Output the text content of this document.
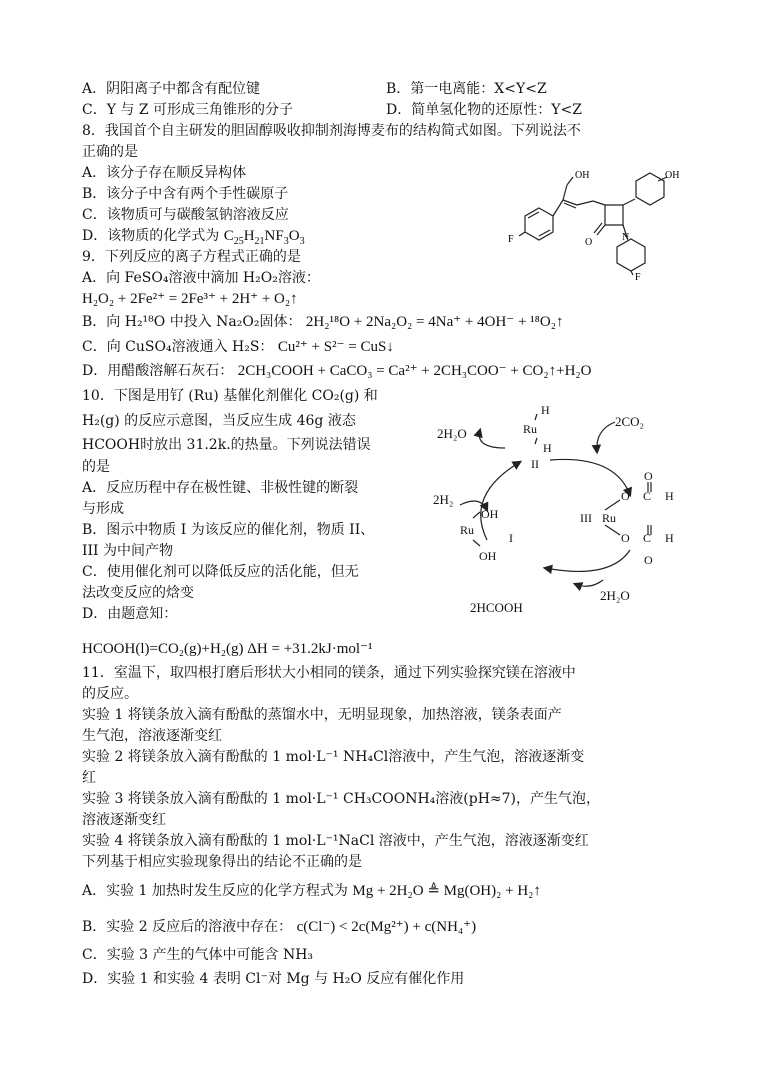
A．阴阳离子中都含有配位键	B．第一电离能：X<Y<Z
C．Y 与 Z 可形成三角锥形的分子	D．简单氢化物的还原性：Y<Z
8．我国首个自主研发的胆固醇吸收抑制剂海博麦布的结构简式如图。下列说法不
正确的是
A．该分子存在顺反异构体
B．该分子中含有两个手性碳原子
C．该物质可与碳酸氢钠溶液反应
D．该物质的化学式为 $C_{25}H_{21}NF_3O_3$
OH	OH
F
F
O	N
9．下列反应的离子方程式正确的是
A．向 FeSO₄溶液中滴加 H₂O₂溶液：
H₂O₂ + 2Fe²⁺ = 2Fe³⁺ + 2H⁺ + O₂↑
B．向 H₂¹⁸O 中投入 Na₂O₂固体： 2H₂¹⁸O + 2Na₂O₂ = 4Na⁺ + 4OH⁻ + ¹⁸O₂↑
C．向 CuSO₄溶液通入 H₂S： Cu²⁺ + S²⁻ = CuS↓
D．用醋酸溶解石灰石： 2CH₃COOH + CaCO₃ = Ca²⁺ + 2CH₃COO⁻ + CO₂↑+H₂O
10．下图是用钌 (Ru) 基催化剂催化 CO₂(g) 和
H₂(g) 的反应示意图，当反应生成 46g 液态
HCOOH时放出 31.2k.的热量。下列说法错误
的是
A．反应历程中存在极性键、非极性键的断裂
与形成
B．图示中物质 I 为该反应的催化剂，物质 II、
III 为中间产物
C．使用催化剂可以降低反应的活化能，但无
法改变反应的焓变
D．由题意知：
HCOOH(l)=CO₂(g)+H₂(g) ΔH = +31.2kJ·mol⁻¹
2H₂O
2CO₂
2H₂
2HCOOH
2H₂O
H
Ru
H
II
Ru
III
O C H
O
O C H
O
OH
Ru
OH
I
11．室温下，取四根打磨后形状大小相同的镁条，通过下列实验探究镁在溶液中
的反应。
实验 1 将镁条放入滴有酚酞的蒸馏水中，无明显现象，加热溶液，镁条表面产
生气泡，溶液逐渐变红
实验 2 将镁条放入滴有酚酞的 1 mol·L⁻¹ NH₄Cl溶液中，产生气泡，溶液逐渐变
红
实验 3 将镁条放入滴有酚酞的 1 mol·L⁻¹ CH₃COONH₄溶液(pH≈7)，产生气泡，
溶液逐渐变红
实验 4 将镁条放入滴有酚酞的 1 mol·L⁻¹NaCl 溶液中，产生气泡，溶液逐渐变红
下列基于相应实验现象得出的结论不正确的是
A．实验 1 加热时发生反应的化学方程式为 Mg + 2H₂O ≜ Mg(OH)₂ + H₂↑
B．实验 2 反应后的溶液中存在： c(Cl⁻) < 2c(Mg²⁺) + c(NH₄⁺)
C．实验 3 产生的气体中可能含 NH₃
D．实验 1 和实验 4 表明 Cl⁻对 Mg 与 H₂O 反应有催化作用
